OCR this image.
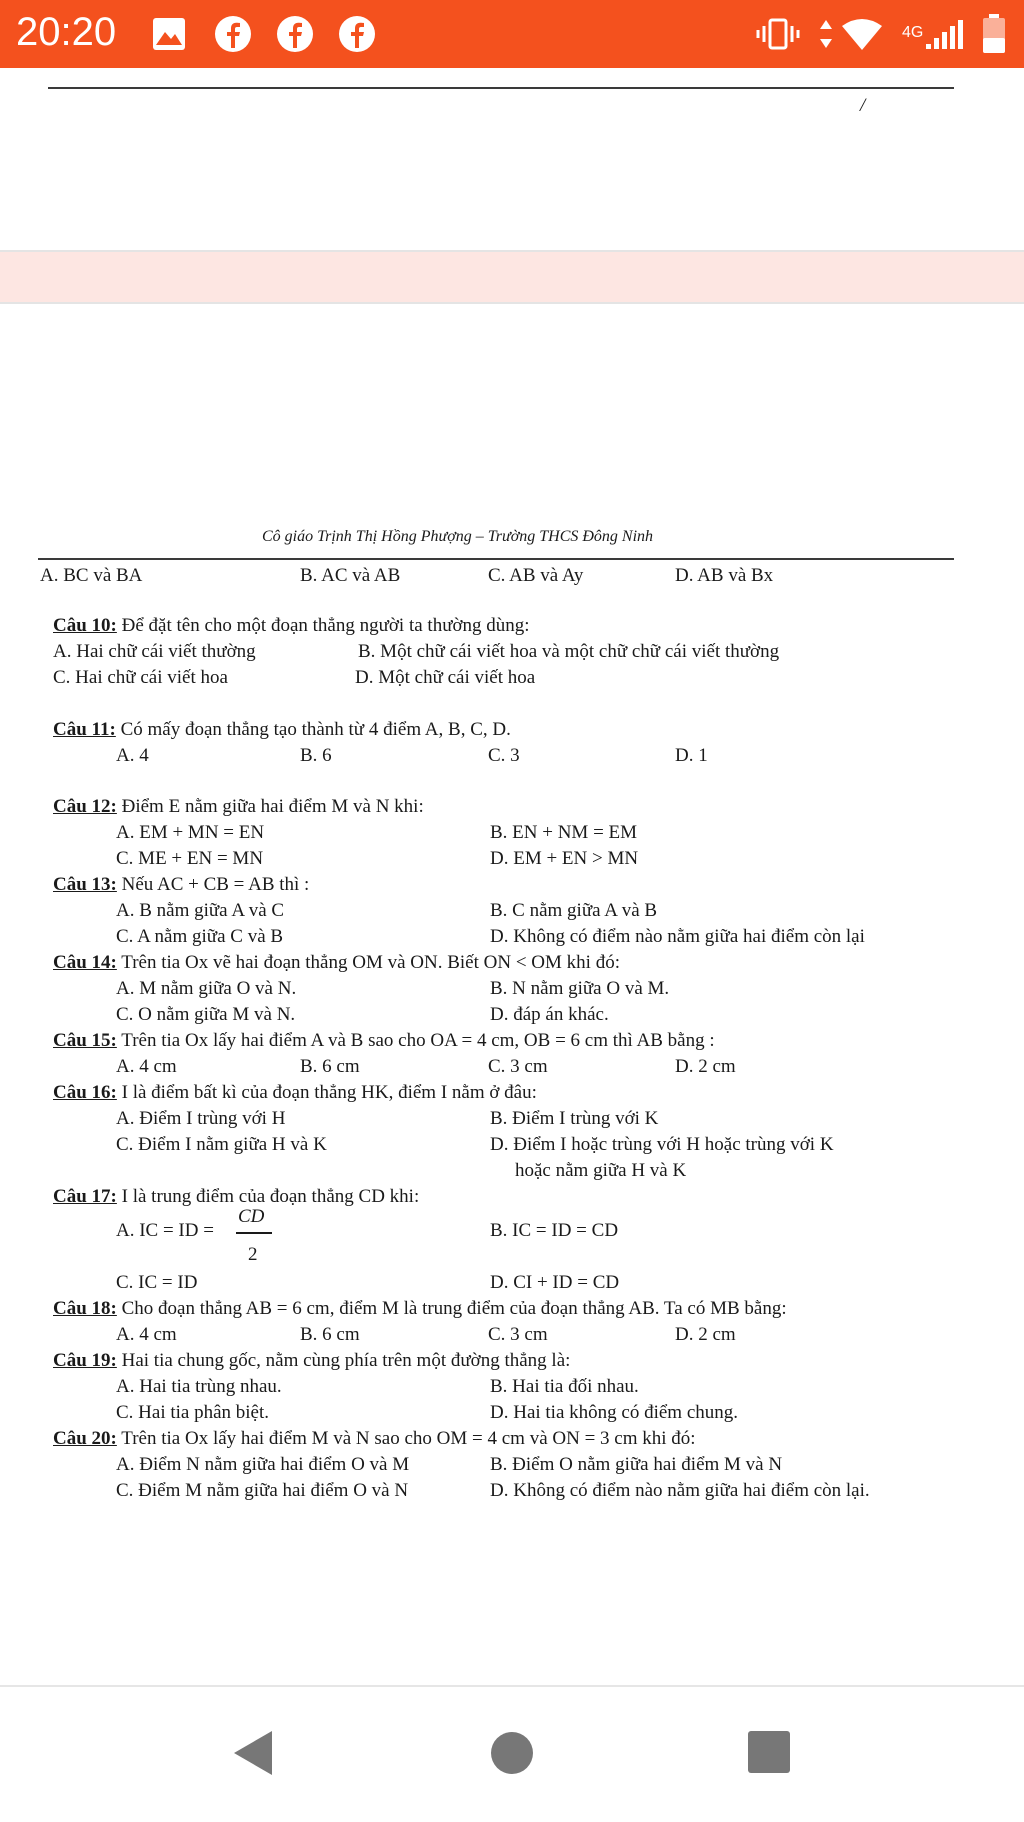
20:20	4G
/
Cô giáo Trịnh Thị Hồng Phượng – Trường THCS Đông Ninh
A. BC và BA	B. AC và AB	C. AB và Ay	D. AB và Bx
Câu 10: Để đặt tên cho một đoạn thẳng người ta thường dùng:
A. Hai chữ cái viết thường	B. Một chữ cái viết hoa và một chữ chữ cái viết thường
C. Hai chữ cái viết hoa	D. Một chữ cái viết hoa
Câu 11: Có mấy đoạn thẳng tạo thành từ 4 điểm A, B, C, D.
A. 4	B. 6	C. 3	D. 1
Câu 12: Điểm E nằm giữa hai điểm M và N khi:
A. EM + MN = EN	B. EN + NM = EM
C. ME + EN = MN	D. EM + EN > MN
Câu 13: Nếu AC + CB = AB thì :
A. B nằm giữa A và C	B. C nằm giữa A và B
C. A nằm giữa C và B	D. Không có điểm nào nằm giữa hai điểm còn lại
Câu 14: Trên tia Ox vẽ hai đoạn thẳng OM và ON. Biết ON < OM khi đó:
A. M nằm giữa O và N.	B. N nằm giữa O và M.
C. O nằm giữa M và N.	D. đáp án khác.
Câu 15: Trên tia Ox lấy hai điểm A và B sao cho OA = 4 cm, OB = 6 cm thì AB bằng :
A. 4 cm	B. 6 cm	C. 3 cm	D. 2 cm
Câu 16: I là điểm bất kì của đoạn thẳng HK, điểm I nằm ở đâu:
A. Điểm I trùng với H	B. Điểm I trùng với K
C. Điểm I nằm giữa H và K	D. Điểm I hoặc trùng với H hoặc trùng với K
hoặc nằm giữa H và K
Câu 17: I là trung điểm của đoạn thẳng CD khi:
A. IC = ID =
CD
2
B. IC = ID = CD
C. IC = ID	D. CI + ID = CD
Câu 18: Cho đoạn thẳng AB = 6 cm, điểm M là trung điểm của đoạn thẳng AB. Ta có MB bằng:
A. 4 cm	B. 6 cm	C. 3 cm	D. 2 cm
Câu 19: Hai tia chung gốc, nằm cùng phía trên một đường thẳng là:
A. Hai tia trùng nhau.	B. Hai tia đối nhau.
C. Hai tia phân biệt.	D. Hai tia không có điểm chung.
Câu 20: Trên tia Ox lấy hai điểm M và N sao cho OM = 4 cm và ON = 3 cm khi đó:
A. Điểm N nằm giữa hai điểm O và M	B. Điểm O nằm giữa hai điểm M và N
C. Điểm M nằm giữa hai điểm O và N	D. Không có điểm nào nằm giữa hai điểm còn lại.
